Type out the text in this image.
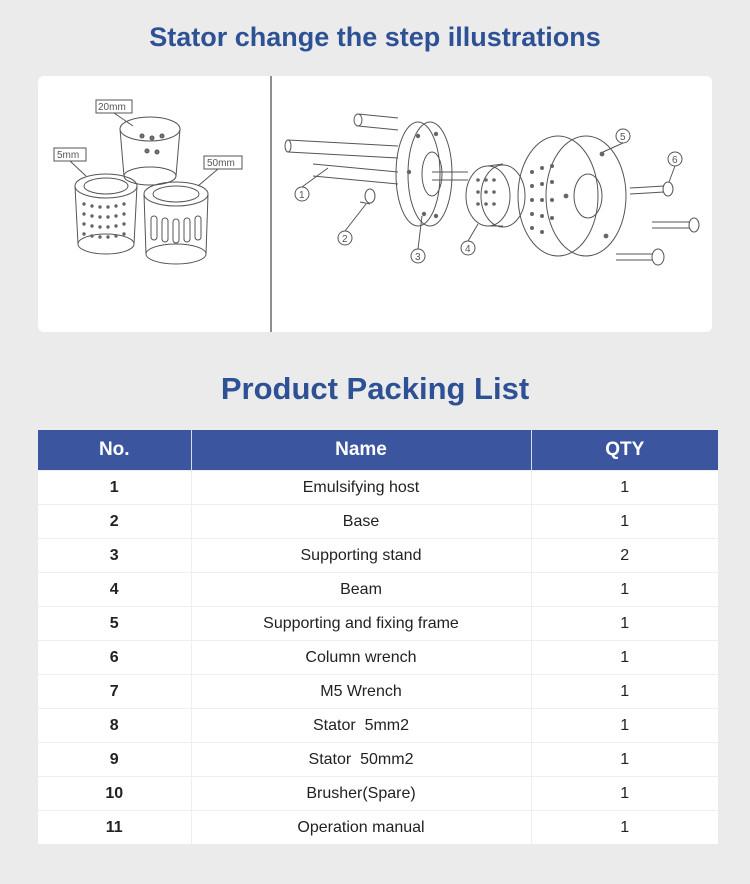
Stator change the step illustrations
20mm
5mm
50mm
1
2
3
4
5
6
Product Packing List
No.	Name	QTY
1	Emulsifying host	1
2	Base	1
3	Supporting stand	2
4	Beam	1
5	Supporting and fixing frame	1
6	Column wrench	1
7	M5 Wrench	1
8	Stator  5mm2	1
9	Stator  50mm2	1
10	Brusher(Spare)	1
11	Operation manual	1
